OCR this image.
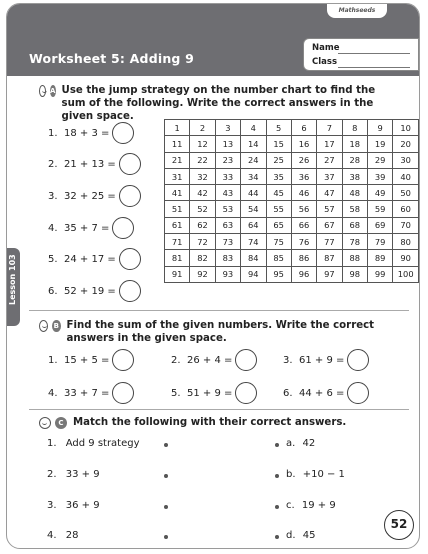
Mathseeds
Worksheet 5: Adding 9
Name
Class
Lesson 103
A Use the jump strategy on the number chart to find the sum of the following. Write the correct answers in the given space.
1. 18 + 3 =
2. 21 + 13 =
3. 32 + 25 =
4. 35 + 7 =
5. 24 + 17 =
6. 52 + 19 =
1	2	3	4	5	6	7	8	9	10
11	12	13	14	15	16	17	18	19	20
21	22	23	24	25	26	27	28	29	30
31	32	33	34	35	36	37	38	39	40
41	42	43	44	45	46	47	48	49	50
51	52	53	54	55	56	57	58	59	60
61	62	63	64	65	66	67	68	69	70
71	72	73	74	75	76	77	78	79	80
81	82	83	84	85	86	87	88	89	90
91	92	93	94	95	96	97	98	99	100
B Find the sum of the given numbers. Write the correct answers in the given space.
1. 15 + 5 =	2. 26 + 4 =	3. 61 + 9 =
4. 33 + 7 =	5. 51 + 9 =	6. 44 + 6 =
C Match the following with their correct answers.
1. Add 9 strategy
2. 33 + 9
3. 36 + 9
4. 28
a. 42
b. +10 − 1
c. 19 + 9
d. 45
52
